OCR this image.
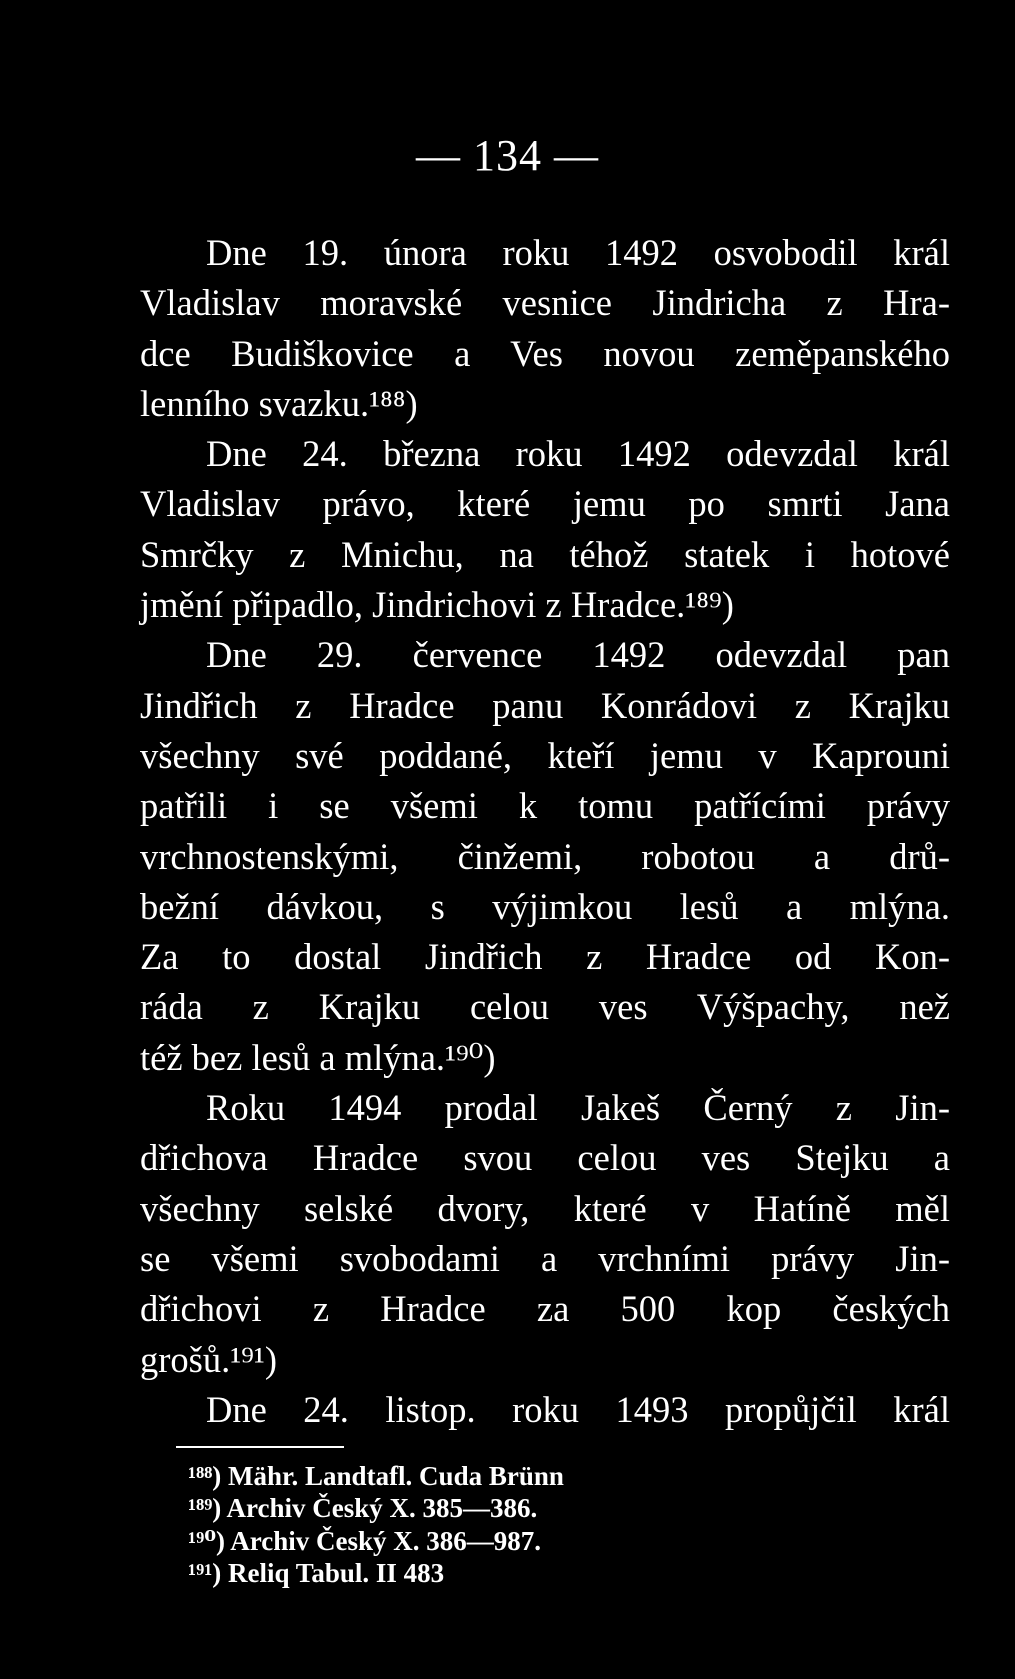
— 134 —
Dne 19. února roku 1492 osvobodil král
Vladislav moravské vesnice Jindricha z Hra-
dce Budiškovice a Ves novou zeměpanského
lenního svazku.¹⁸⁸)
Dne 24. března roku 1492 odevzdal král
Vladislav právo, které jemu po smrti Jana
Smrčky z Mnichu, na téhož statek i hotové
jmění připadlo, Jindrichovi z Hradce.¹⁸⁹)
Dne 29. července 1492 odevzdal pan
Jindřich z Hradce panu Konrádovi z Krajku
všechny své poddané, kteří jemu v Kaprouni
patřili i se všemi k tomu patřícími právy
vrchnostenskými, činžemi, robotou a drů-
bežní dávkou, s výjimkou lesů a mlýna.
Za to dostal Jindřich z Hradce od Kon-
ráda z Krajku celou ves Výšpachy, než
též bez lesů a mlýna.¹⁹⁰)
Roku 1494 prodal Jakeš Černý z Jin-
dřichova Hradce svou celou ves Stejku a
všechny selské dvory, které v Hatíně měl
se všemi svobodami a vrchními právy Jin-
dřichovi z Hradce za 500 kop českých
grošů.¹⁹¹)
Dne 24. listop. roku 1493 propůjčil král
¹⁸⁸) Mähr. Landtafl. Cuda Brünn
¹⁸⁹) Archiv Český X. 385—386.
¹⁹⁰) Archiv Český X. 386—987.
¹⁹¹) Reliq Tabul. II 483
